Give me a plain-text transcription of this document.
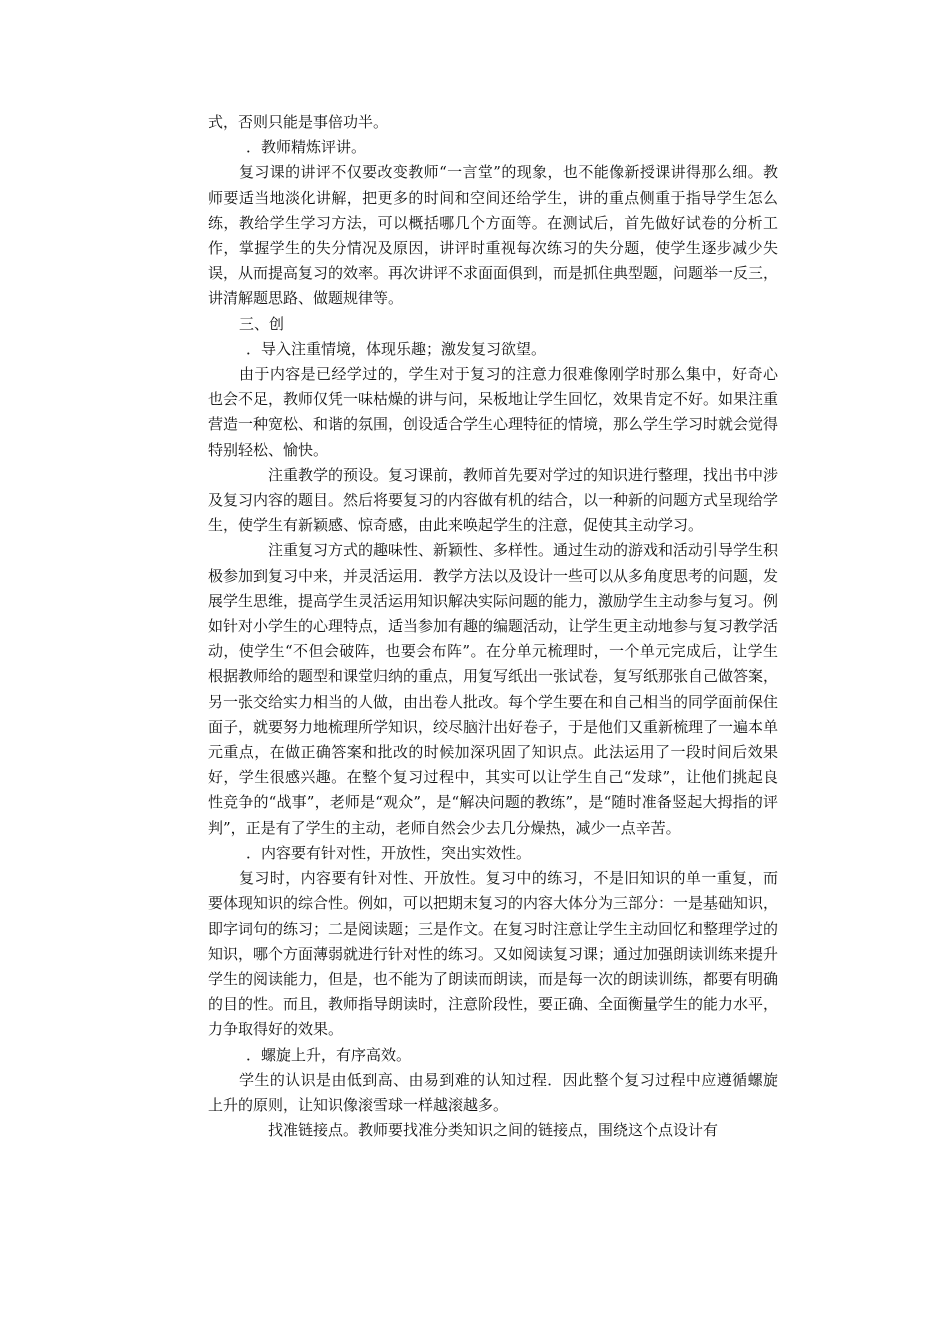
式，否则只能是事倍功半。

．教师精炼评讲。

复习课的讲评不仅要改变教师“一言堂”的现象，也不能像新授课讲得那么细。教师要适当地淡化讲解，把更多的时间和空间还给学生，讲的重点侧重于指导学生怎么练，教给学生学习方法，可以概括哪几个方面等。在测试后，首先做好试卷的分析工作，掌握学生的失分情况及原因，讲评时重视每次练习的失分题，使学生逐步减少失误，从而提高复习的效率。再次讲评不求面面俱到，而是抓住典型题，问题举一反三，讲清解题思路、做题规律等。

三、创

．导入注重情境，体现乐趣；激发复习欲望。

由于内容是已经学过的，学生对于复习的注意力很难像刚学时那么集中，好奇心也会不足，教师仅凭一味枯燥的讲与问，呆板地让学生回忆，效果肯定不好。如果注重营造一种宽松、和谐的氛围，创设适合学生心理特征的情境，那么学生学习时就会觉得特别轻松、愉快。

注重教学的预设。复习课前，教师首先要对学过的知识进行整理，找出书中涉及复习内容的题目。然后将要复习的内容做有机的结合，以一种新的问题方式呈现给学生，使学生有新颖感、惊奇感，由此来唤起学生的注意，促使其主动学习。

注重复习方式的趣味性、新颖性、多样性。通过生动的游戏和活动引导学生积极参加到复习中来，并灵活运用．教学方法以及设计一些可以从多角度思考的问题，发展学生思维，提高学生灵活运用知识解决实际问题的能力，激励学生主动参与复习。例如针对小学生的心理特点，适当参加有趣的编题活动，让学生更主动地参与复习教学活动，使学生“不但会破阵，也要会布阵”。在分单元梳理时，一个单元完成后，让学生根据教师给的题型和课堂归纳的重点，用复写纸出一张试卷，复写纸那张自己做答案，另一张交给实力相当的人做，由出卷人批改。每个学生要在和自己相当的同学面前保住面子，就要努力地梳理所学知识，绞尽脑汁出好卷子，于是他们又重新梳理了一遍本单元重点，在做正确答案和批改的时候加深巩固了知识点。此法运用了一段时间后效果好，学生很感兴趣。在整个复习过程中，其实可以让学生自己“发球”，让他们挑起良性竞争的“战事”，老师是“观众”，是“解决问题的教练”，是“随时准备竖起大拇指的评判”，正是有了学生的主动，老师自然会少去几分燥热，减少一点辛苦。

．内容要有针对性，开放性，突出实效性。

复习时，内容要有针对性、开放性。复习中的练习，不是旧知识的单一重复，而要体现知识的综合性。例如，可以把期末复习的内容大体分为三部分：一是基础知识，即字词句的练习；二是阅读题；三是作文。在复习时注意让学生主动回忆和整理学过的知识，哪个方面薄弱就进行针对性的练习。又如阅读复习课；通过加强朗读训练来提升学生的阅读能力，但是，也不能为了朗读而朗读，而是每一次的朗读训练，都要有明确的目的性。而且，教师指导朗读时，注意阶段性，要正确、全面衡量学生的能力水平，力争取得好的效果。

．螺旋上升，有序高效。

学生的认识是由低到高、由易到难的认知过程．因此整个复习过程中应遵循螺旋上升的原则，让知识像滚雪球一样越滚越多。

找准链接点。教师要找准分类知识之间的链接点，围绕这个点设计有
